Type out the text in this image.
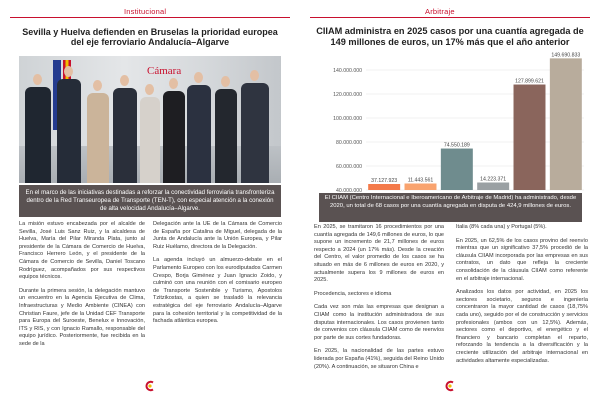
Institucional
Sevilla y Huelva defienden en Bruselas la prioridad europea del eje ferroviario Andalucía–Algarve
Cámara
En el marco de las iniciativas destinadas a reforzar la conectividad ferroviaria transfronteriza dentro de la Red Transeuropea de Transporte (TEN-T), con especial atención a la conexión de alta velocidad Andalucía–Algarve.

La misión estuvo encabezada por el alcalde de Sevilla, José Luis Sanz Ruiz, y la alcaldesa de Huelva, María del Pilar Miranda Plata, junto al presidente de la Cámara de Comercio de Huelva, Francisco Herrero León, y el presidente de la Cámara de Comercio de Sevilla, Daniel Toscano Rodríguez, acompañados por sus respectivos equipos técnicos.

Durante la primera sesión, la delegación mantuvo un encuentro en la Agencia Ejecutiva de Clima, Infraestructuras y Medio Ambiente (CINEA) con Christian Faure, jefe de la Unidad CEF Transporte para Europa del Suroeste, Benelux e Innovación, ITS y RIS, y con Ignacio Ramallo, responsable del equipo jurídico. Posteriormente, fue recibida en la sede de la

Delegación ante la UE de la Cámara de Comercio de España por Catalina de Miguel, delegada de la Junta de Andalucía ante la Unión Europea, y Pilar Ruiz Huélamo, directora de la Delegación.

La agenda incluyó un almuerzo-debate en el Parlamento Europeo con los eurodiputados Carmen Crespo, Borja Giménez y Juan Ignacio Zoido, y culminó con una reunión con el comisario europeo de Transporte Sostenible y Turismo, Apostolos Tzitzikostas, a quien se trasladó la relevancia estratégica del eje ferroviario Andalucía–Algarve para la cohesión territorial y la competitividad de la fachada atlántica europea.

Arbitraje
CIIAM administra en 2025 casos por una cuantía agregada de 149 millones de euros, un 17% más que el año anterior
40.000.000
60.000.000
80.000.000
100.000.000
120.000.000
140.000.000
37.127.923 11.443.561
74.550.189
14.223.371
127.899.621
149.690.833
El CIIAM (Centro Internacional e Iberoamericano de Arbitraje de Madrid) ha administrado, desde 2020, un total de 68 casos por una cuantía agregada en disputa de 424,9 millones de euros.

En 2025, se tramitaron 16 procedimientos por una cuantía agregada de 149,6 millones de euros, lo que supone un incremento de 21,7 millones de euros respecto a 2024 (un 17% más). Desde la creación del Centro, el valor promedio de los casos se ha situado en más de 6 millones de euros en 2020, y actualmente supera los 9 millones de euros en 2025.

Procedencia, sectores e idioma

Cada vez son más las empresas que designan a CIIAM como la institución administradora de sus disputas internacionales. Los casos provienen tanto de convenios con cláusula CIIAM como de reenvíos por parte de sus cortes fundadoras.

En 2025, la nacionalidad de las partes estuvo liderada por España (41%), seguida del Reino Unido (20%). A continuación, se situaron China e

Italia (8% cada una) y Portugal (5%).

En 2025, un 62,5% de los casos provino del reenvío mientras que un significativo 37,5% procedió de la cláusula CIIAM incorporada por las empresas en sus contratos, un dato que refleja la creciente consolidación de la cláusula CIIAM como referente en el arbitraje internacional.

Analizados los datos por actividad, en 2025 los sectores societario, seguros e ingeniería concentraron la mayor cantidad de casos (18,75% cada uno), seguido por el de construcción y servicios profesionales (ambos con un 12,5%). Además, sectores como el deportivo, el energético y el financiero y bancario completan el reparto, reforzando la tendencia a la diversificación y la creciente utilización del arbitraje internacional en actividades altamente especializadas.
